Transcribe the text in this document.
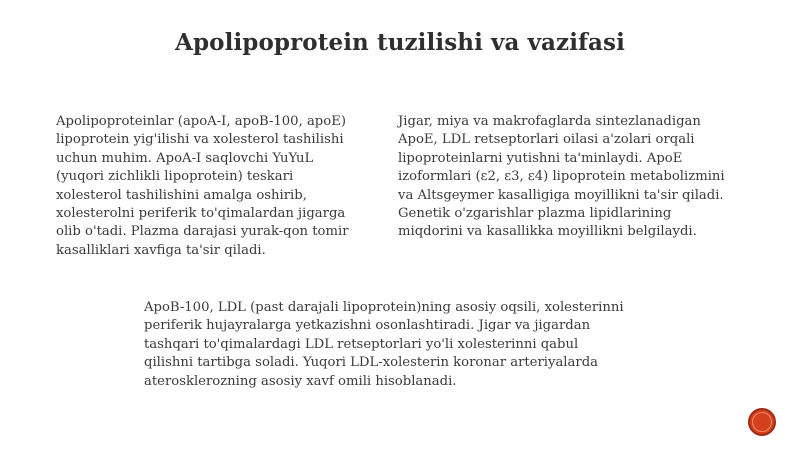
Apolipoprotein tuzilishi va vazifasi
Apolipoproteinlar (apoA-I, apoB-100, apoE)
lipoprotein yig'ilishi va xolesterol tashilishi
uchun muhim. ApoA-I saqlovchi YuYuL
(yuqori zichlikli lipoprotein) teskari
xolesterol tashilishini amalga oshirib,
xolesterolni periferik to'qimalardan jigarga
olib o'tadi. Plazma darajasi yurak-qon tomir
kasalliklari xavfiga ta'sir qiladi.
Jigar, miya va makrofaglarda sintezlanadigan
ApoE, LDL retseptorlari oilasi a'zolari orqali
lipoproteinlarni yutishni ta'minlaydi. ApoE
izoformlari (ε2, ε3, ε4) lipoprotein metabolizmini
va Altsgeymer kasalligiga moyillikni ta'sir qiladi.
Genetik o'zgarishlar plazma lipidlarining
miqdorini va kasallikka moyillikni belgilaydi.
ApoB-100, LDL (past darajali lipoprotein)ning asosiy oqsili, xolesterinni
periferik hujayralarga yetkazishni osonlashtiradi. Jigar va jigardan
tashqari to'qimalardagi LDL retseptorlari yo'li xolesterinni qabul
qilishni tartibga soladi. Yuqori LDL-xolesterin koronar arteriyalarda
aterosklerozning asosiy xavf omili hisoblanadi.
